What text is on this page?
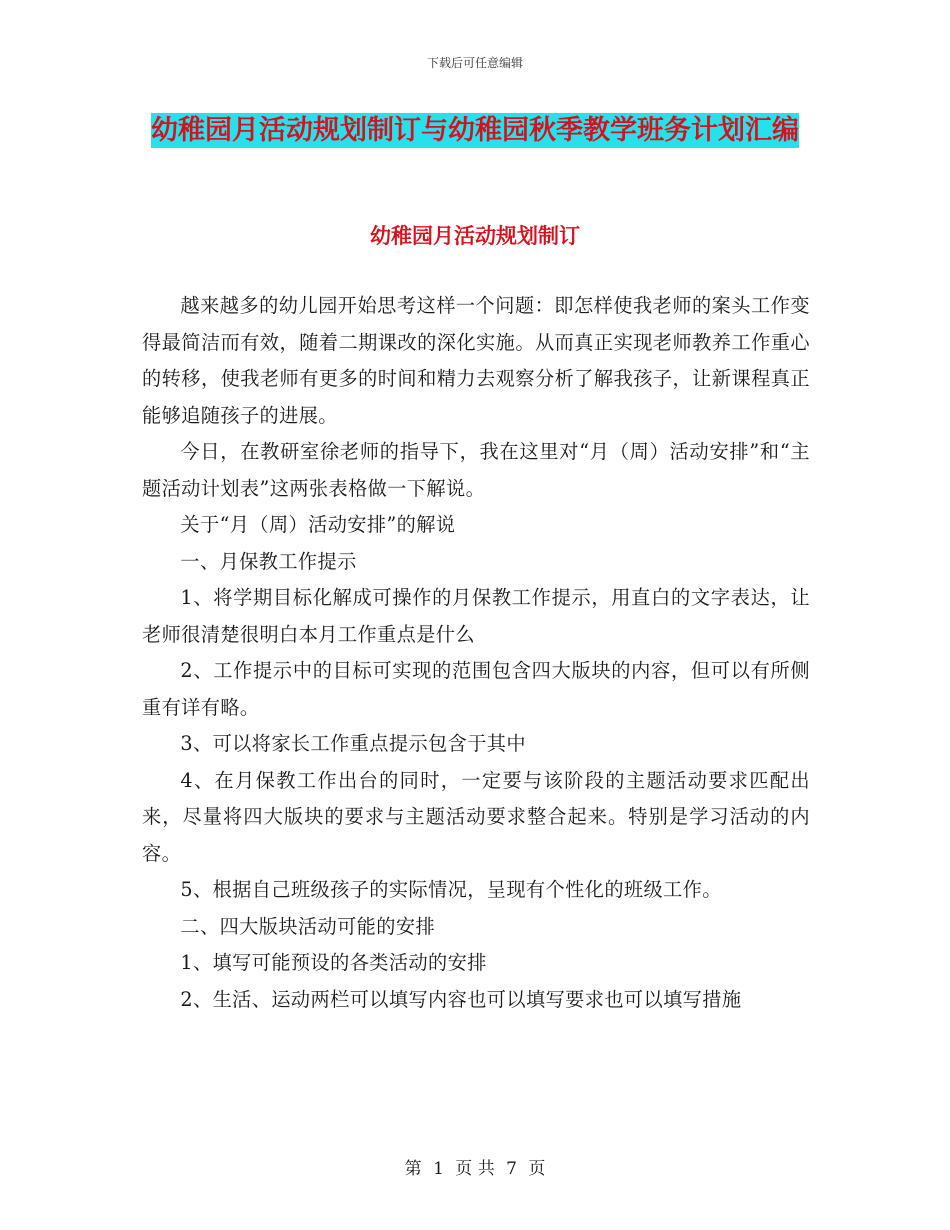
下载后可任意编辑
幼稚园月活动规划制订与幼稚园秋季教学班务计划汇编
幼稚园月活动规划制订

越来越多的幼儿园开始思考这样一个问题：即怎样使我老师的案头工作变得最简洁而有效，随着二期课改的深化实施。从而真正实现老师教养工作重心的转移，使我老师有更多的时间和精力去观察分析了解我孩子，让新课程真正能够追随孩子的进展。

今日，在教研室徐老师的指导下，我在这里对“月（周）活动安排”和“主题活动计划表”这两张表格做一下解说。

关于“月（周）活动安排”的解说

一、月保教工作提示

1、将学期目标化解成可操作的月保教工作提示，用直白的文字表达，让老师很清楚很明白本月工作重点是什么

2、工作提示中的目标可实现的范围包含四大版块的内容，但可以有所侧重有详有略。

3、可以将家长工作重点提示包含于其中

4、在月保教工作出台的同时，一定要与该阶段的主题活动要求匹配出来，尽量将四大版块的要求与主题活动要求整合起来。特别是学习活动的内容。

5、根据自己班级孩子的实际情况，呈现有个性化的班级工作。

二、四大版块活动可能的安排

1、填写可能预设的各类活动的安排

2、生活、运动两栏可以填写内容也可以填写要求也可以填写措施

第 1 页 共 7 页
